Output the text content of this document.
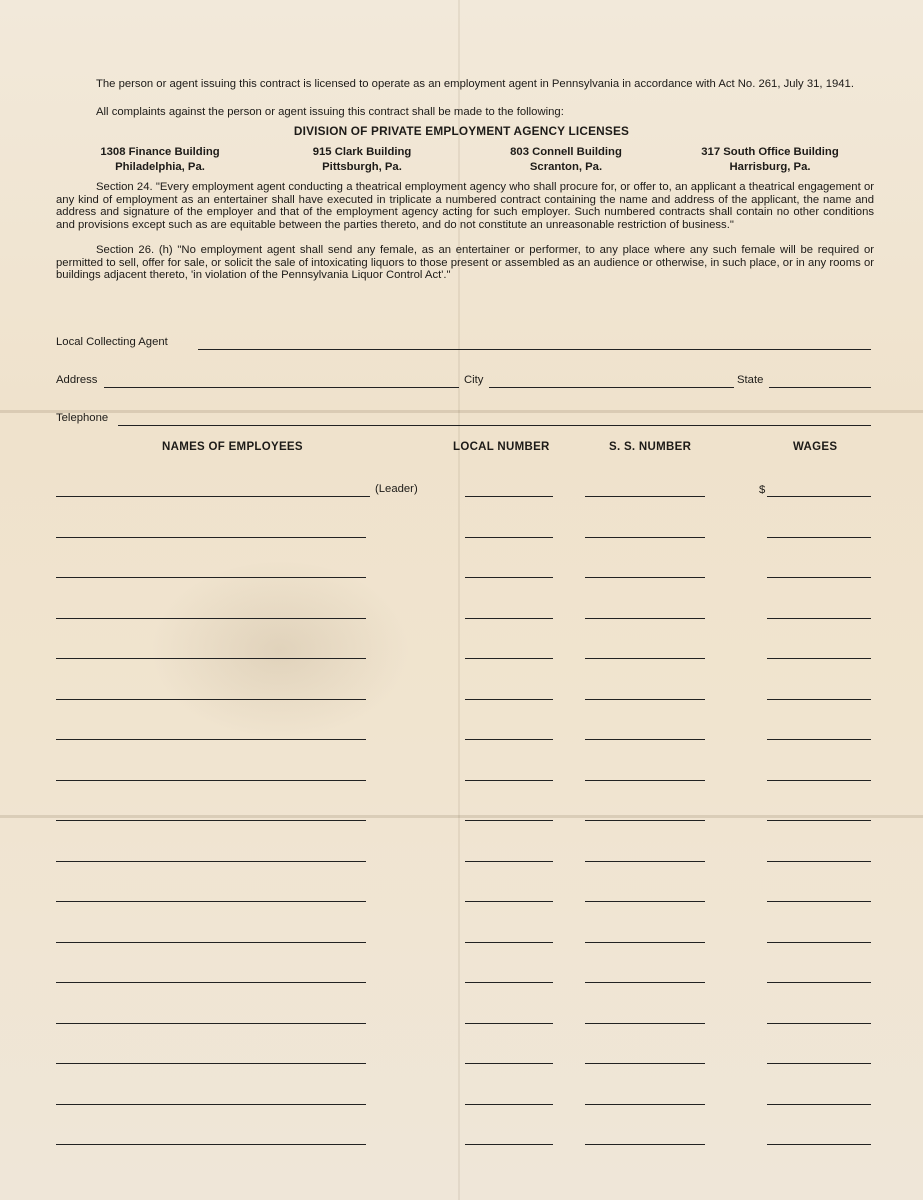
The person or agent issuing this contract is licensed to operate as an employment agent in Pennsylvania in accordance with Act No. 261, July 31, 1941.
All complaints against the person or agent issuing this contract shall be made to the following:
DIVISION OF PRIVATE EMPLOYMENT AGENCY LICENSES
1308 Finance Building
Philadelphia, Pa.
915 Clark Building
Pittsburgh, Pa.
803 Connell Building
Scranton, Pa.
317 South Office Building
Harrisburg, Pa.
Section 24. "Every employment agent conducting a theatrical employment agency who shall procure for, or offer to, an applicant a theatrical engagement or any kind of employment as an entertainer shall have executed in triplicate a numbered contract containing the name and address of the applicant, the name and address and signature of the employer and that of the employment agency acting for such employer. Such numbered contracts shall contain no other conditions and provisions except such as are equitable between the parties thereto, and do not constitute an unreasonable restriction of business."
Section 26. (h) "No employment agent shall send any female, as an entertainer or performer, to any place where any such female will be required or permitted to sell, offer for sale, or solicit the sale of intoxicating liquors to those present or assembled as an audience or otherwise, in such place, or in any rooms or buildings adjacent thereto, 'in violation of the Pennsylvania Liquor Control Act'."
Local Collecting Agent
Address	City	State
Telephone
NAMES OF EMPLOYEES	LOCAL NUMBER	S. S. NUMBER	WAGES
(Leader)	$
